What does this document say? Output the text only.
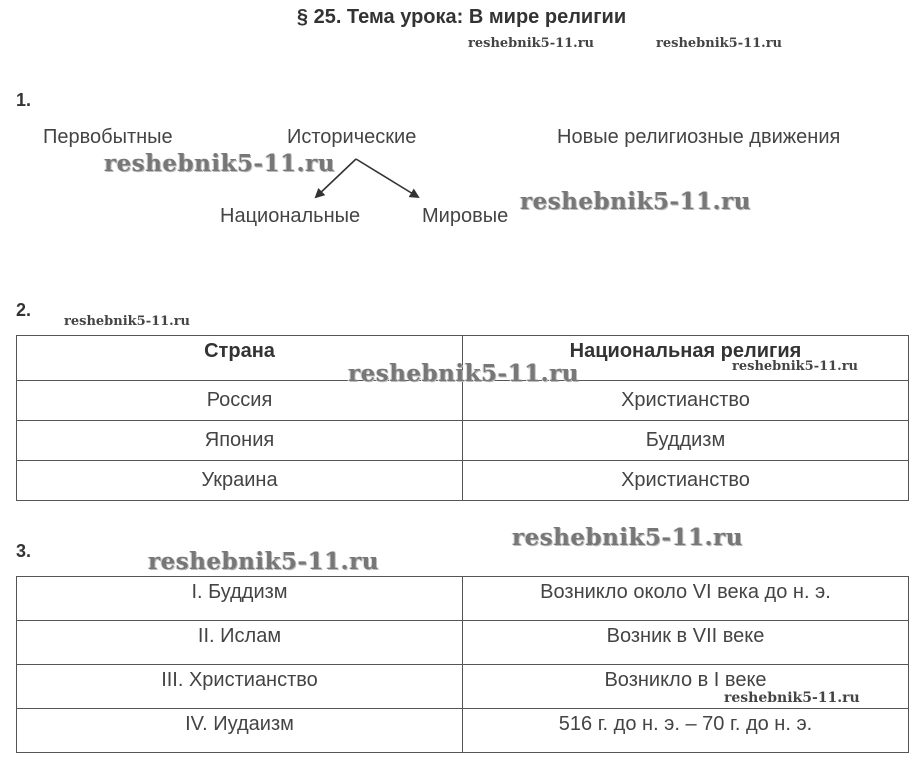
§ 25. Тема урока: В мире религии
reshebnik5-11.ru	reshebnik5-11.ru
1.
Первобытные	Исторические	Новые религиозные движения
Национальные	Мировые
reshebnik5-11.ru
reshebnik5-11.ru
2.
reshebnik5-11.ru
Страна	Национальная религия
Россия	Христианство
Япония	Буддизм
Украина	Христианство
reshebnik5-11.ru	reshebnik5-11.ru
3.	reshebnik5-11.ru
reshebnik5-11.ru
I. Буддизм	Возникло около VI века до н. э.
II. Ислам	Возник в VII веке
III. Христианство	Возникло в I веке
IV. Иудаизм	516 г. до н. э. – 70 г. до н. э.
reshebnik5-11.ru
